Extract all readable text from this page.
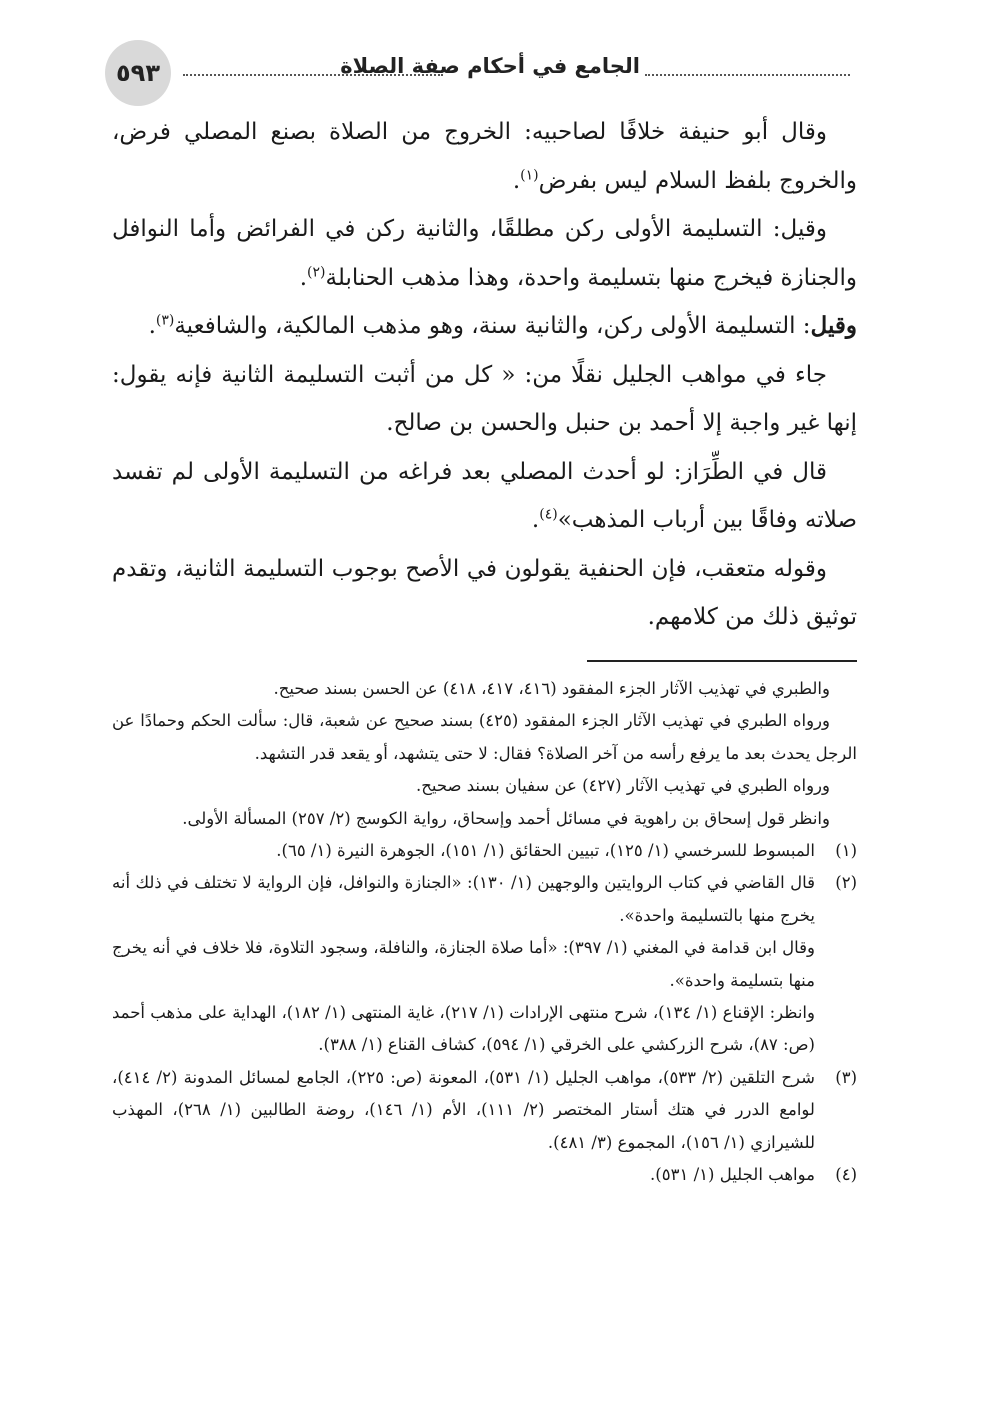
٥٩٣	الجامع في أحكام صفة الصلاة

وقال أبو حنيفة خلافًا لصاحبيه: الخروج من الصلاة بصنع المصلي فرض، والخروج بلفظ السلام ليس بفرض$^{(١)}$.

وقيل: التسليمة الأولى ركن مطلقًا، والثانية ركن في الفرائض وأما النوافل والجنازة فيخرج منها بتسليمة واحدة، وهذا مذهب الحنابلة$^{(٢)}$.

وقيل: التسليمة الأولى ركن، والثانية سنة، وهو مذهب المالكية، والشافعية$^{(٣)}$.

جاء في مواهب الجليل نقلًا من: « كل من أثبت التسليمة الثانية فإنه يقول: إنها غير واجبة إلا أحمد بن حنبل والحسن بن صالح.

قال في الطِّرَاز: لو أحدث المصلي بعد فراغه من التسليمة الأولى لم تفسد صلاته وفاقًا بين أرباب المذهب»$^{(٤)}$.

وقوله متعقب، فإن الحنفية يقولون في الأصح بوجوب التسليمة الثانية، وتقدم توثيق ذلك من كلامهم.

والطبري في تهذيب الآثار الجزء المفقود (٤١٦، ٤١٧، ٤١٨) عن الحسن بسند صحيح.

ورواه الطبري في تهذيب الآثار الجزء المفقود (٤٢٥) بسند صحيح عن شعبة، قال: سألت الحكم وحمادًا عن الرجل يحدث بعد ما يرفع رأسه من آخر الصلاة؟ فقال: لا حتى يتشهد، أو يقعد قدر التشهد.

ورواه الطبري في تهذيب الآثار (٤٢٧) عن سفيان بسند صحيح.

وانظر قول إسحاق بن راهوية في مسائل أحمد وإسحاق، رواية الكوسج (٢/ ٢٥٧) المسألة الأولى.

(١)

المبسوط للسرخسي (١/ ١٢٥)، تبيين الحقائق (١/ ١٥١)، الجوهرة النيرة (١/ ٦٥).

(٢)

قال القاضي في كتاب الروايتين والوجهين (١/ ١٣٠): «الجنازة والنوافل، فإن الرواية لا تختلف في ذلك أنه يخرج منها بالتسليمة واحدة».

وقال ابن قدامة في المغني (١/ ٣٩٧): «أما صلاة الجنازة، والنافلة، وسجود التلاوة، فلا خلاف في أنه يخرج منها بتسليمة واحدة».

وانظر: الإقناع (١/ ١٣٤)، شرح منتهى الإرادات (١/ ٢١٧)، غاية المنتهى (١/ ١٨٢)، الهداية على مذهب أحمد (ص: ٨٧)، شرح الزركشي على الخرقي (١/ ٥٩٤)، كشاف القناع (١/ ٣٨٨).

(٣)

شرح التلقين (٢/ ٥٣٣)، مواهب الجليل (١/ ٥٣١)، المعونة (ص: ٢٢٥)، الجامع لمسائل المدونة (٢/ ٤١٤)، لوامع الدرر في هتك أستار المختصر (٢/ ١١١)، الأم (١/ ١٤٦)، روضة الطالبين (١/ ٢٦٨)، المهذب للشيرازي (١/ ١٥٦)، المجموع (٣/ ٤٨١).

(٤)

مواهب الجليل (١/ ٥٣١).
